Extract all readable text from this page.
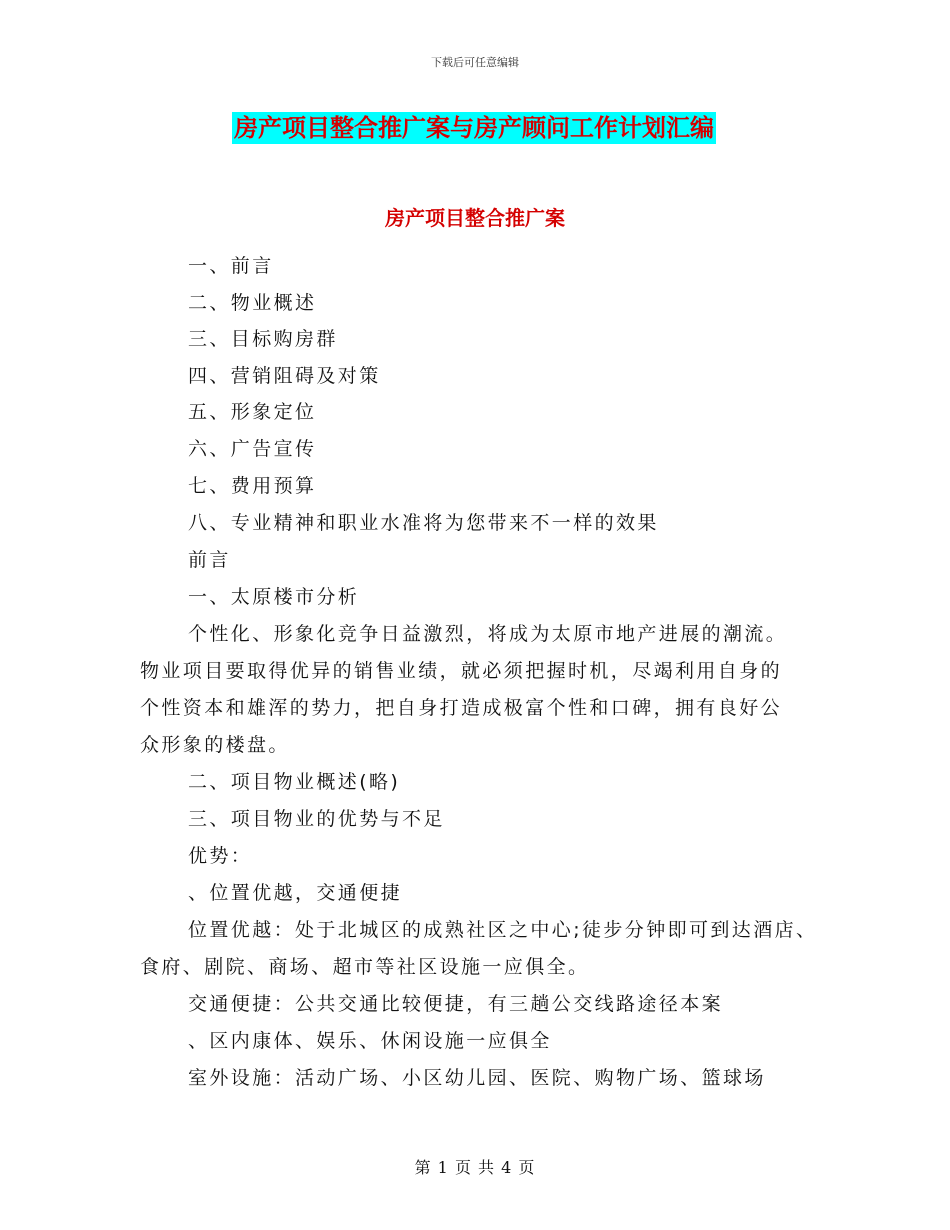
下载后可任意编辑
房产项目整合推广案与房产顾问工作计划汇编
房产项目整合推广案
一、前言
二、物业概述
三、目标购房群
四、营销阻碍及对策
五、形象定位
六、广告宣传
七、费用预算
八、专业精神和职业水准将为您带来不一样的效果
前言
一、太原楼市分析
个性化、形象化竞争日益激烈，将成为太原市地产进展的潮流。
物业项目要取得优异的销售业绩，就必须把握时机，尽竭利用自身的
个性资本和雄浑的势力，把自身打造成极富个性和口碑，拥有良好公
众形象的楼盘。
二、项目物业概述(略)
三、项目物业的优势与不足
优势：
、位置优越，交通便捷
位置优越：处于北城区的成熟社区之中心;徒步分钟即可到达酒店、
食府、剧院、商场、超市等社区设施一应俱全。
交通便捷：公共交通比较便捷，有三趟公交线路途径本案
、区内康体、娱乐、休闲设施一应俱全
室外设施：活动广场、小区幼儿园、医院、购物广场、篮球场
第 1 页 共 4 页
